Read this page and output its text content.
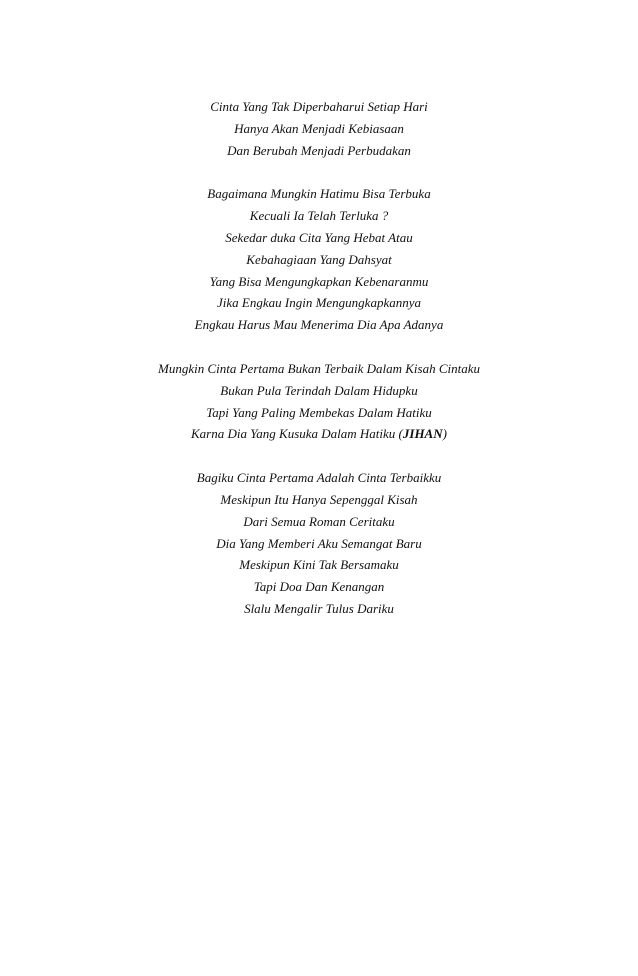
Cinta Yang Tak Diperbaharui Setiap Hari
Hanya Akan Menjadi Kebiasaan
Dan Berubah Menjadi Perbudakan
Bagaimana Mungkin Hatimu Bisa Terbuka
Kecuali Ia Telah Terluka ?
Sekedar duka Cita Yang Hebat Atau
Kebahagiaan Yang Dahsyat
Yang Bisa Mengungkapkan Kebenaranmu
Jika Engkau Ingin Mengungkapkannya
Engkau Harus Mau Menerima Dia Apa Adanya
Mungkin Cinta Pertama Bukan Terbaik Dalam Kisah Cintaku
Bukan Pula Terindah Dalam Hidupku
Tapi Yang Paling Membekas Dalam Hatiku
Karna Dia Yang Kusuka Dalam Hatiku (JIHAN)
Bagiku Cinta Pertama Adalah Cinta Terbaikku
Meskipun Itu Hanya Sepenggal Kisah
Dari Semua Roman Ceritaku
Dia Yang Memberi Aku Semangat Baru
Meskipun Kini Tak Bersamaku
Tapi Doa Dan Kenangan
Slalu Mengalir Tulus Dariku
